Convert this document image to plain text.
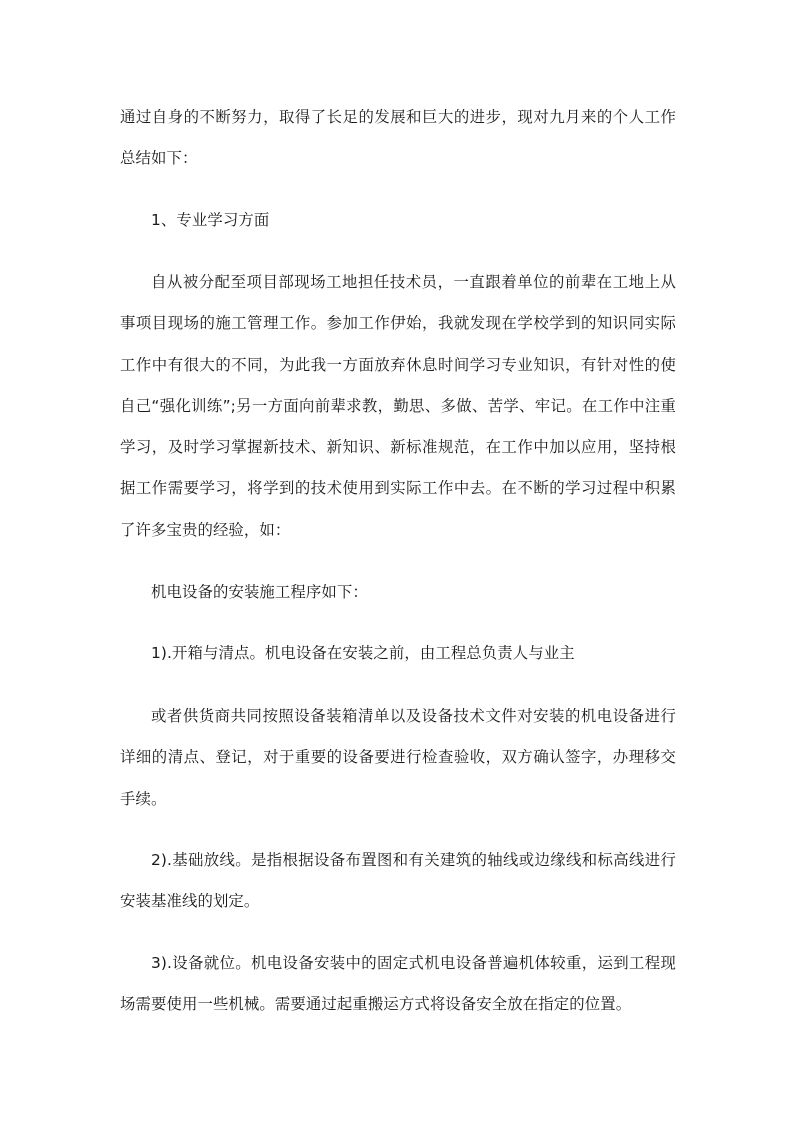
通过自身的不断努力，取得了长足的发展和巨大的进步，现对九月来的个人工作总结如下：

1、专业学习方面

自从被分配至项目部现场工地担任技术员，一直跟着单位的前辈在工地上从事项目现场的施工管理工作。参加工作伊始，我就发现在学校学到的知识同实际工作中有很大的不同，为此我一方面放弃休息时间学习专业知识，有针对性的使自己“强化训练”;另一方面向前辈求教，勤思、多做、苦学、牢记。在工作中注重学习，及时学习掌握新技术、新知识、新标准规范，在工作中加以应用，坚持根据工作需要学习，将学到的技术使用到实际工作中去。在不断的学习过程中积累了许多宝贵的经验，如：

机电设备的安装施工程序如下：

1).开箱与清点。机电设备在安装之前，由工程总负责人与业主

或者供货商共同按照设备装箱清单以及设备技术文件对安装的机电设备进行详细的清点、登记，对于重要的设备要进行检查验收，双方确认签字，办理移交手续。

2).基础放线。是指根据设备布置图和有关建筑的轴线或边缘线和标高线进行安装基准线的划定。

3).设备就位。机电设备安装中的固定式机电设备普遍机体较重，运到工程现场需要使用一些机械。需要通过起重搬运方式将设备安全放在指定的位置。
